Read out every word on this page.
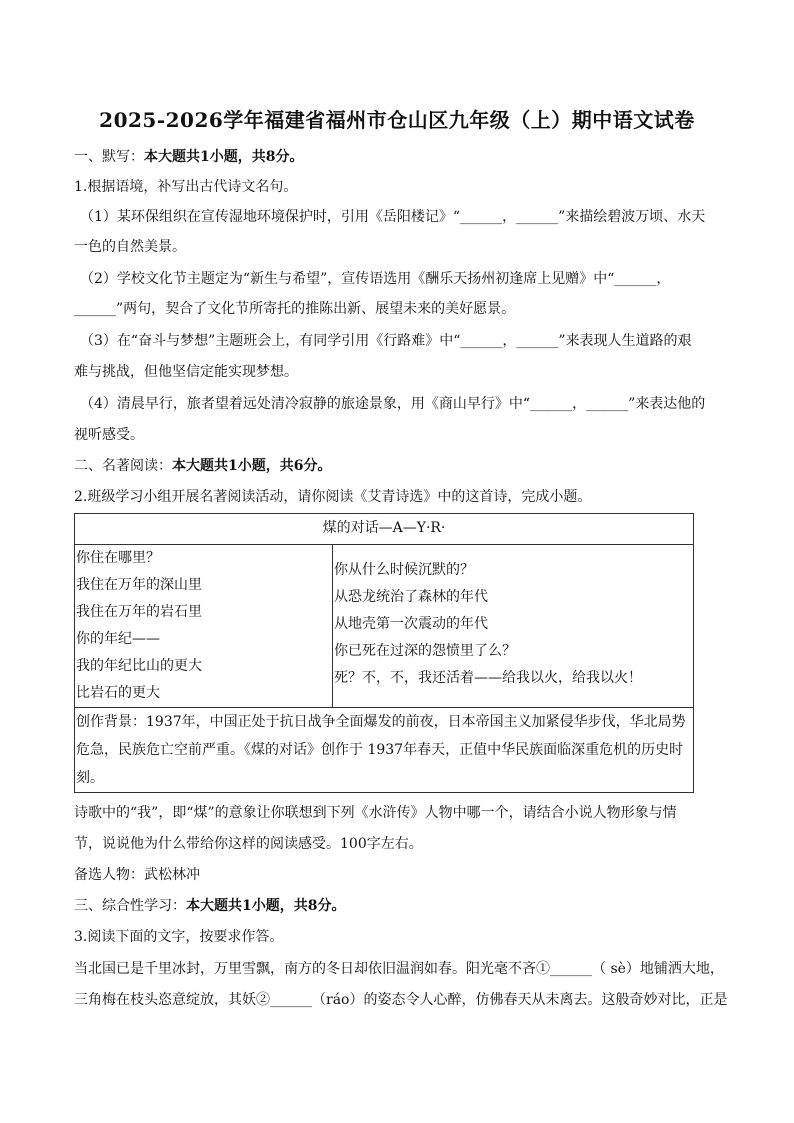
2025-2026学年福建省福州市仓山区九年级（上）期中语文试卷
一、默写：本大题共1小题，共8分。
1.根据语境，补写出古代诗文名句。
（1）某环保组织在宣传湿地环境保护时，引用《岳阳楼记》“______，______”来描绘碧波万顷、水天
一色的自然美景。
（2）学校文化节主题定为“新生与希望”，宣传语选用《酬乐天扬州初逢席上见赠》中“______，
______”两句，契合了文化节所寄托的推陈出新、展望未来的美好愿景。
（3）在“奋斗与梦想”主题班会上，有同学引用《行路难》中“______，______”来表现人生道路的艰
难与挑战，但他坚信定能实现梦想。
（4）清晨早行，旅者望着远处清冷寂静的旅途景象，用《商山早行》中“______，______”来表达他的
视听感受。
二、名著阅读：本大题共1小题，共6分。
2.班级学习小组开展名著阅读活动，请你阅读《艾青诗选》中的这首诗，完成小题。
煤的对话—A—Y·R·

你住在哪里？
我住在万年的深山里
我住在万年的岩石里
你的年纪——
我的年纪比山的更大
比岩石的更大

你从什么时候沉默的？
从恐龙统治了森林的年代
从地壳第一次震动的年代
你已死在过深的怨愤里了么？
死？不，不，我还活着——给我以火，给我以火！

创作背景：1937年，中国正处于抗日战争全面爆发的前夜，日本帝国主义加紧侵华步伐，华北局势
危急，民族危亡空前严重。《煤的对话》创作于 1937年春天，正值中华民族面临深重危机的历史时
刻。
诗歌中的“我”，即“煤”的意象让你联想到下列《水浒传》人物中哪一个，请结合小说人物形象与情
节，说说他为什么带给你这样的阅读感受。100字左右。
备选人物：武松林冲
三、综合性学习：本大题共1小题，共8分。
3.阅读下面的文字，按要求作答。
当北国已是千里冰封，万里雪飘，南方的冬日却依旧温润如春。阳光毫不吝①______（ sè）地铺洒大地，
三角梅在枝头恣意绽放，其妖②______（ráo）的姿态令人心醉，仿佛春天从未离去。这般奇妙对比，正是
